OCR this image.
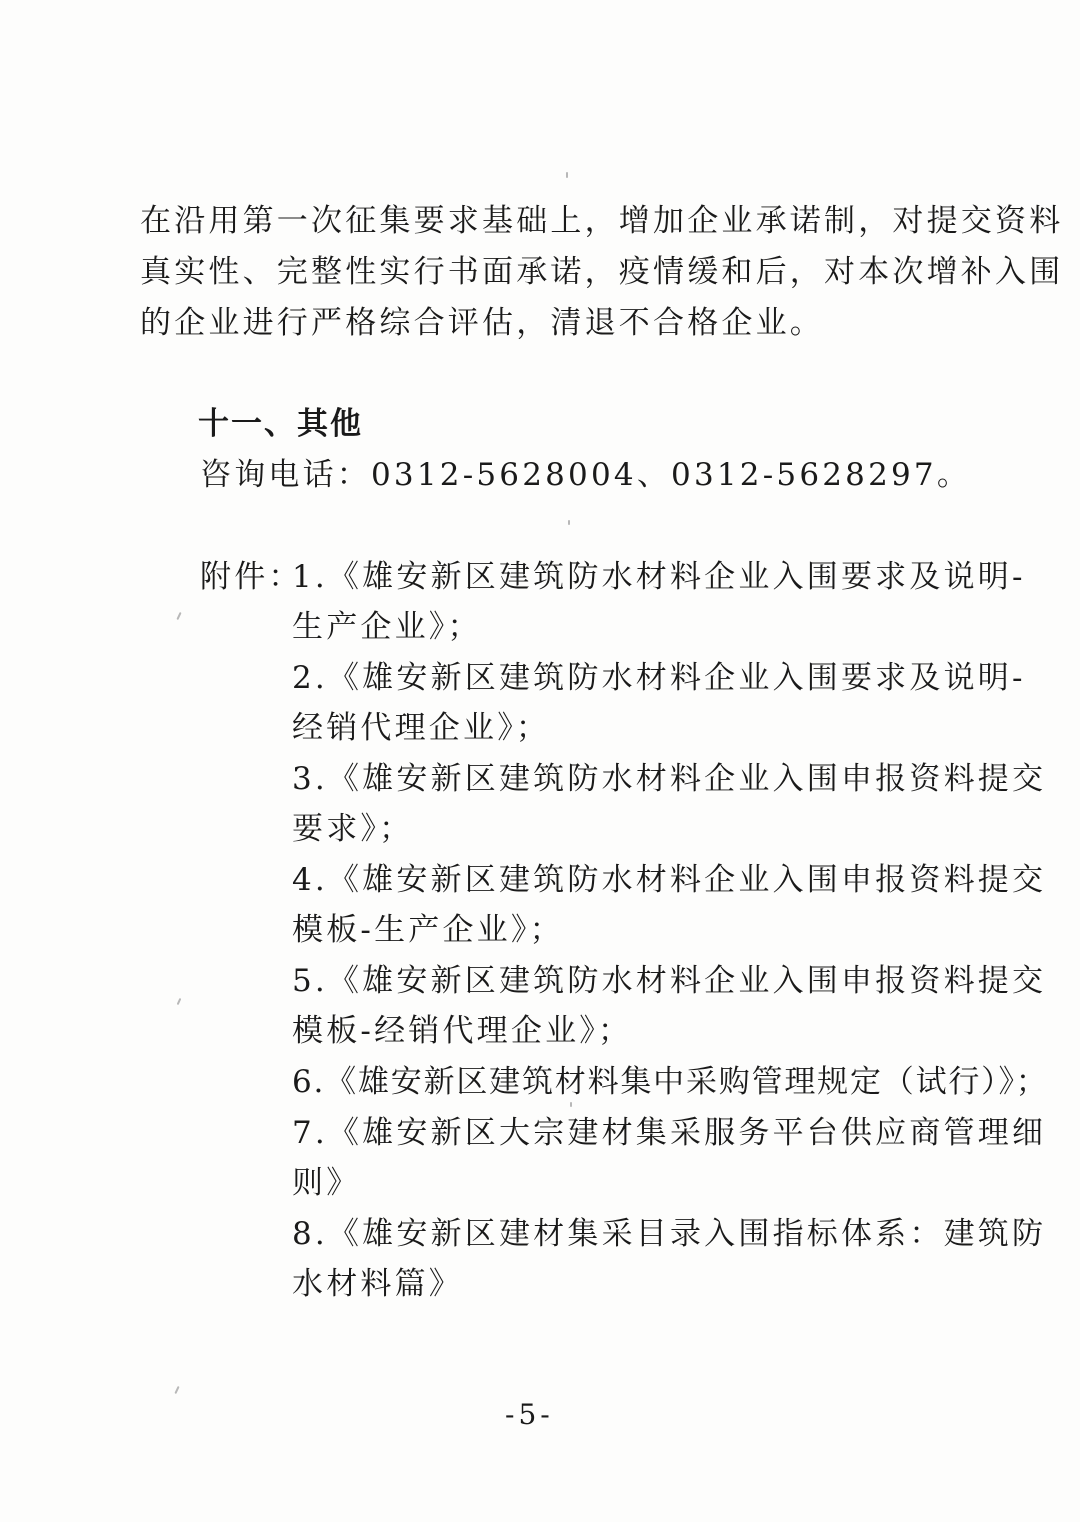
在沿用第一次征集要求基础上，增加企业承诺制，对提交资料
真实性、完整性实行书面承诺，疫情缓和后，对本次增补入围
的企业进行严格综合评估，清退不合格企业。
十一、其他
咨询电话：0312-5628004、0312-5628297。
附件：
1.《雄安新区建筑防水材料企业入围要求及说明-
生产企业》；
2.《雄安新区建筑防水材料企业入围要求及说明-
经销代理企业》；
3.《雄安新区建筑防水材料企业入围申报资料提交
要求》；
4.《雄安新区建筑防水材料企业入围申报资料提交
模板-生产企业》；
5.《雄安新区建筑防水材料企业入围申报资料提交
模板-经销代理企业》；
6.《雄安新区建筑材料集中采购管理规定（试行）》；
7.《雄安新区大宗建材集采服务平台供应商管理细
则》
8.《雄安新区建材集采目录入围指标体系：建筑防
水材料篇》
-5-
